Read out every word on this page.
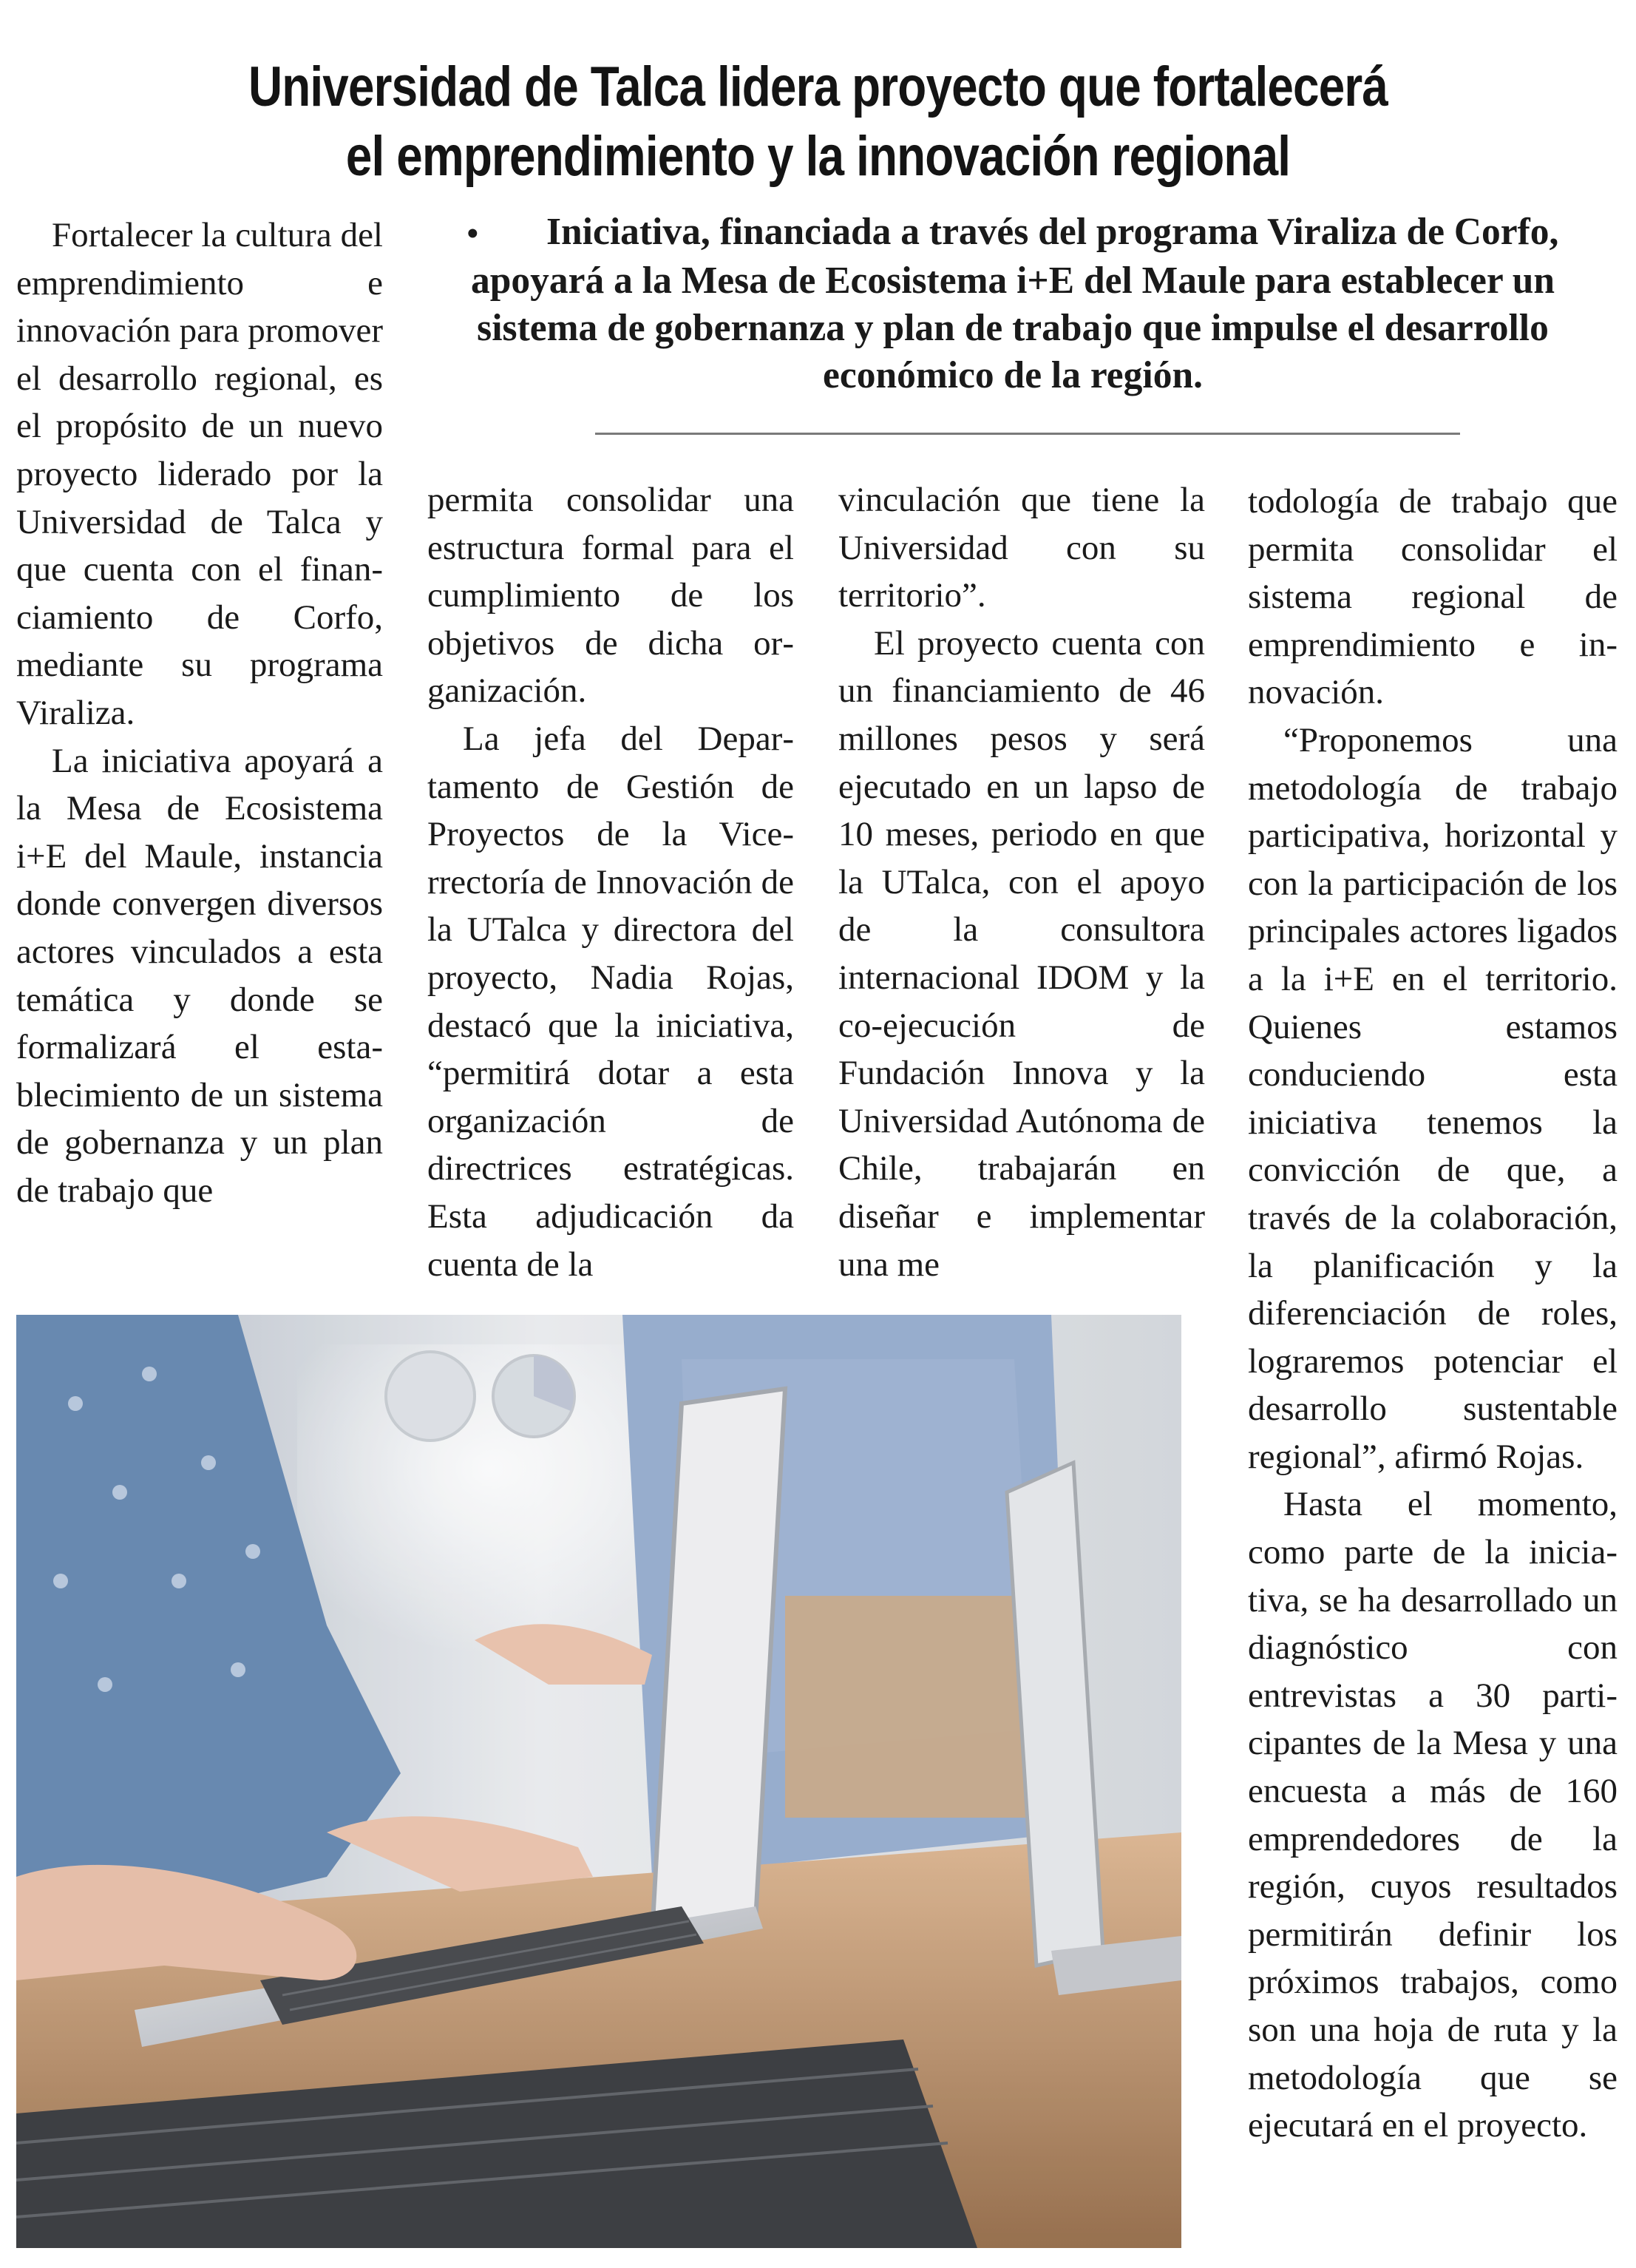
Universidad de Talca lidera proyecto que fortalecerá
el emprendimiento y la innovación regional

Fortalecer la cultura del emprendimiento e innovación para promover el desarrollo regional, es el propósito de un nuevo proyecto liderado por la Universidad de Talca y que cuenta con el financiamiento de Corfo, mediante su programa Viraliza.

La iniciativa apoyará a la Mesa de Ecosistema i+E del Maule, instancia donde convergen diversos actores vinculados a esta temática y donde se formalizará el establecimiento de un sistema de gobernanza y un plan de trabajo que

• Iniciativa, financiada a través del programa Viraliza de Corfo, apoyará a la Mesa de Ecosistema i+E del Maule para establecer un sistema de gobernanza y plan de trabajo que impulse el desarrollo económico de la región.

permita consolidar una estructura formal para el cumplimiento de los objetivos de dicha organización.

La jefa del Departamento de Gestión de Proyectos de la Vicerrectoría de Innovación de la UTalca y directora del proyecto, Nadia Rojas, destacó que la iniciativa, “permitirá dotar a esta organización de directrices estratégicas. Esta adjudicación da cuenta de la

vinculación que tiene la Universidad con su territorio”.

El proyecto cuenta con un financiamiento de 46 millones pesos y será ejecutado en un lapso de 10 meses, periodo en que la UTalca, con el apoyo de la consultora internacional IDOM y la co-ejecución de Fundación Innova y la Universidad Autónoma de Chile, trabajarán en diseñar e implementar una me

todología de trabajo que permita consolidar el sistema regional de emprendimiento e innovación.

“Proponemos una metodología de trabajo participativa, horizontal y con la participación de los principales actores ligados a la i+E en el territorio. Quienes estamos conduciendo esta iniciativa tenemos la convicción de que, a través de la colaboración, la planificación y la diferenciación de roles, lograremos potenciar el desarrollo sustentable regional”, afirmó Rojas.

Hasta el momento, como parte de la iniciativa, se ha desarrollado un diagnóstico con entrevistas a 30 participantes de la Mesa y una encuesta a más de 160 emprendedores de la región, cuyos resultados permitirán definir los próximos trabajos, como son una hoja de ruta y la metodología que se ejecutará en el proyecto.
